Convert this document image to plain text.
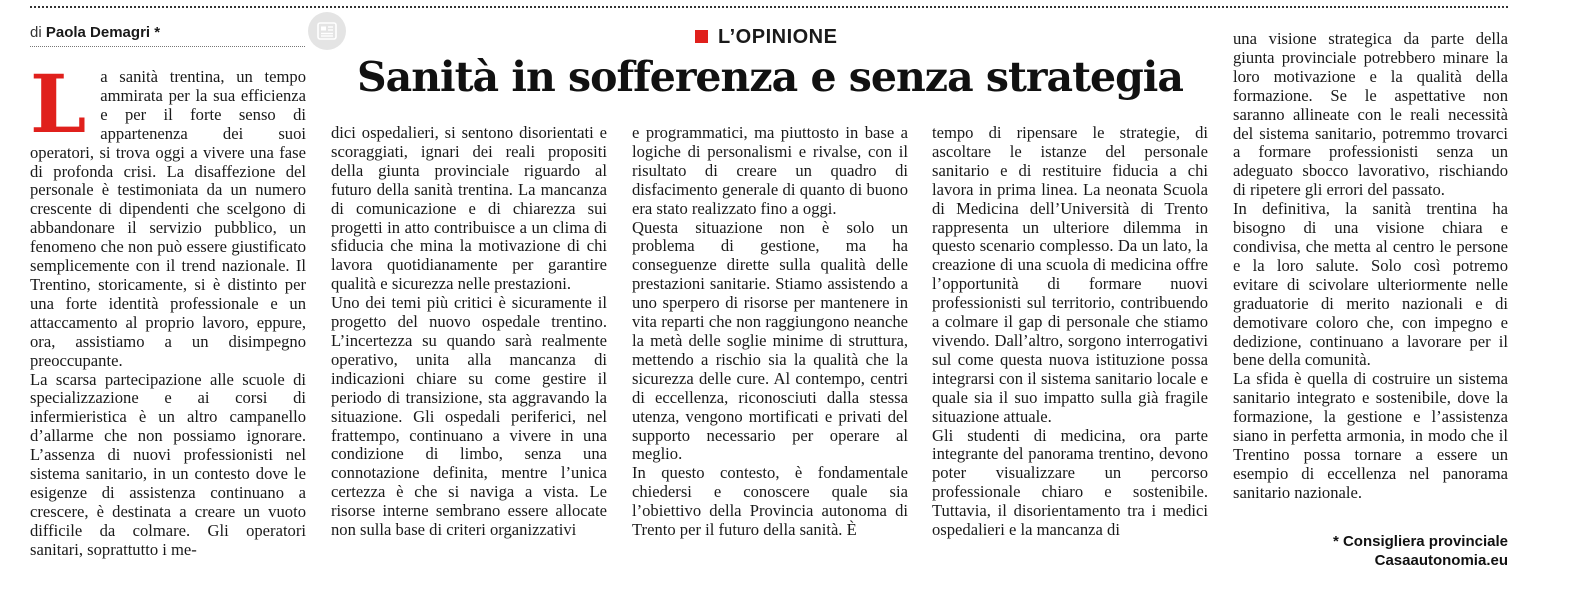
di Paola Demagri *	L’OPINIONE
Sanità in sofferenza e senza strategia
L a sanità trentina, un tempo ammirata per la sua efficienza e per il forte senso di appartenenza dei suoi operatori, si trova oggi a vivere una fase di profonda crisi. La disaffezione del personale è testimoniata da un numero crescente di dipendenti che scelgono di abbandonare il servizio pubblico, un fenomeno che non può essere giustificato semplicemente con il trend nazionale. Il Trentino, storicamente, si è distinto per una forte identità professionale e un attaccamento al proprio lavoro, eppure, ora, assistiamo a un disimpegno preoccupante.

La scarsa partecipazione alle scuole di specializzazione e ai corsi di infermieristica è un altro campanello d’allarme che non possiamo ignorare. L’assenza di nuovi professionisti nel sistema sanitario, in un contesto dove le esigenze di assistenza continuano a crescere, è destinata a creare un vuoto difficile da colmare. Gli operatori sanitari, soprattutto i me-

dici ospedalieri, si sentono disorientati e scoraggiati, ignari dei reali propositi della giunta provinciale riguardo al futuro della sanità trentina. La mancanza di comunicazione e di chiarezza sui progetti in atto contribuisce a un clima di sfiducia che mina la motivazione di chi lavora quotidianamente per garantire qualità e sicurezza nelle prestazioni.

Uno dei temi più critici è sicuramente il progetto del nuovo ospedale trentino. L’incertezza su quando sarà realmente operativo, unita alla mancanza di indicazioni chiare su come gestire il periodo di transizione, sta aggravando la situazione. Gli ospedali periferici, nel frattempo, continuano a vivere in una condizione di limbo, senza una connotazione definita, mentre l’unica certezza è che si naviga a vista. Le risorse interne sembrano essere allocate non sulla base di criteri organizzativi

e programmatici, ma piuttosto in base a logiche di personalismi e rivalse, con il risultato di creare un quadro di disfacimento generale di quanto di buono era stato realizzato fino a oggi.

Questa situazione non è solo un problema di gestione, ma ha conseguenze dirette sulla qualità delle prestazioni sanitarie. Stiamo assistendo a uno sperpero di risorse per mantenere in vita reparti che non raggiungono neanche la metà delle soglie minime di struttura, mettendo a rischio sia la qualità che la sicurezza delle cure. Al contempo, centri di eccellenza, riconosciuti dalla stessa utenza, vengono mortificati e privati del supporto necessario per operare al meglio.

In questo contesto, è fondamentale chiedersi e conoscere quale sia l’obiettivo della Provincia autonoma di Trento per il futuro della sanità. È

tempo di ripensare le strategie, di ascoltare le istanze del personale sanitario e di restituire fiducia a chi lavora in prima linea. La neonata Scuola di Medicina dell’Università di Trento rappresenta un ulteriore dilemma in questo scenario complesso. Da un lato, la creazione di una scuola di medicina offre l’opportunità di formare nuovi professionisti sul territorio, contribuendo a colmare il gap di personale che stiamo vivendo. Dall’altro, sorgono interrogativi sul come questa nuova istituzione possa integrarsi con il sistema sanitario locale e quale sia il suo impatto sulla già fragile situazione attuale.

Gli studenti di medicina, ora parte integrante del panorama trentino, devono poter visualizzare un percorso professionale chiaro e sostenibile. Tuttavia, il disorientamento tra i medici ospedalieri e la mancanza di

una visione strategica da parte della giunta provinciale potrebbero minare la loro motivazione e la qualità della formazione. Se le aspettative non saranno allineate con le reali necessità del sistema sanitario, potremmo trovarci a formare professionisti senza un adeguato sbocco lavorativo, rischiando di ripetere gli errori del passato.

In definitiva, la sanità trentina ha bisogno di una visione chiara e condivisa, che metta al centro le persone e la loro salute. Solo così potremo evitare di scivolare ulteriormente nelle graduatorie di merito nazionali e di demotivare coloro che, con impegno e dedizione, continuano a lavorare per il bene della comunità.

La sfida è quella di costruire un sistema sanitario integrato e sostenibile, dove la formazione, la gestione e l’assistenza siano in perfetta armonia, in modo che il Trentino possa tornare a essere un esempio di eccellenza nel panorama sanitario nazionale.

* Consigliera provinciale
Casaautonomia.eu
